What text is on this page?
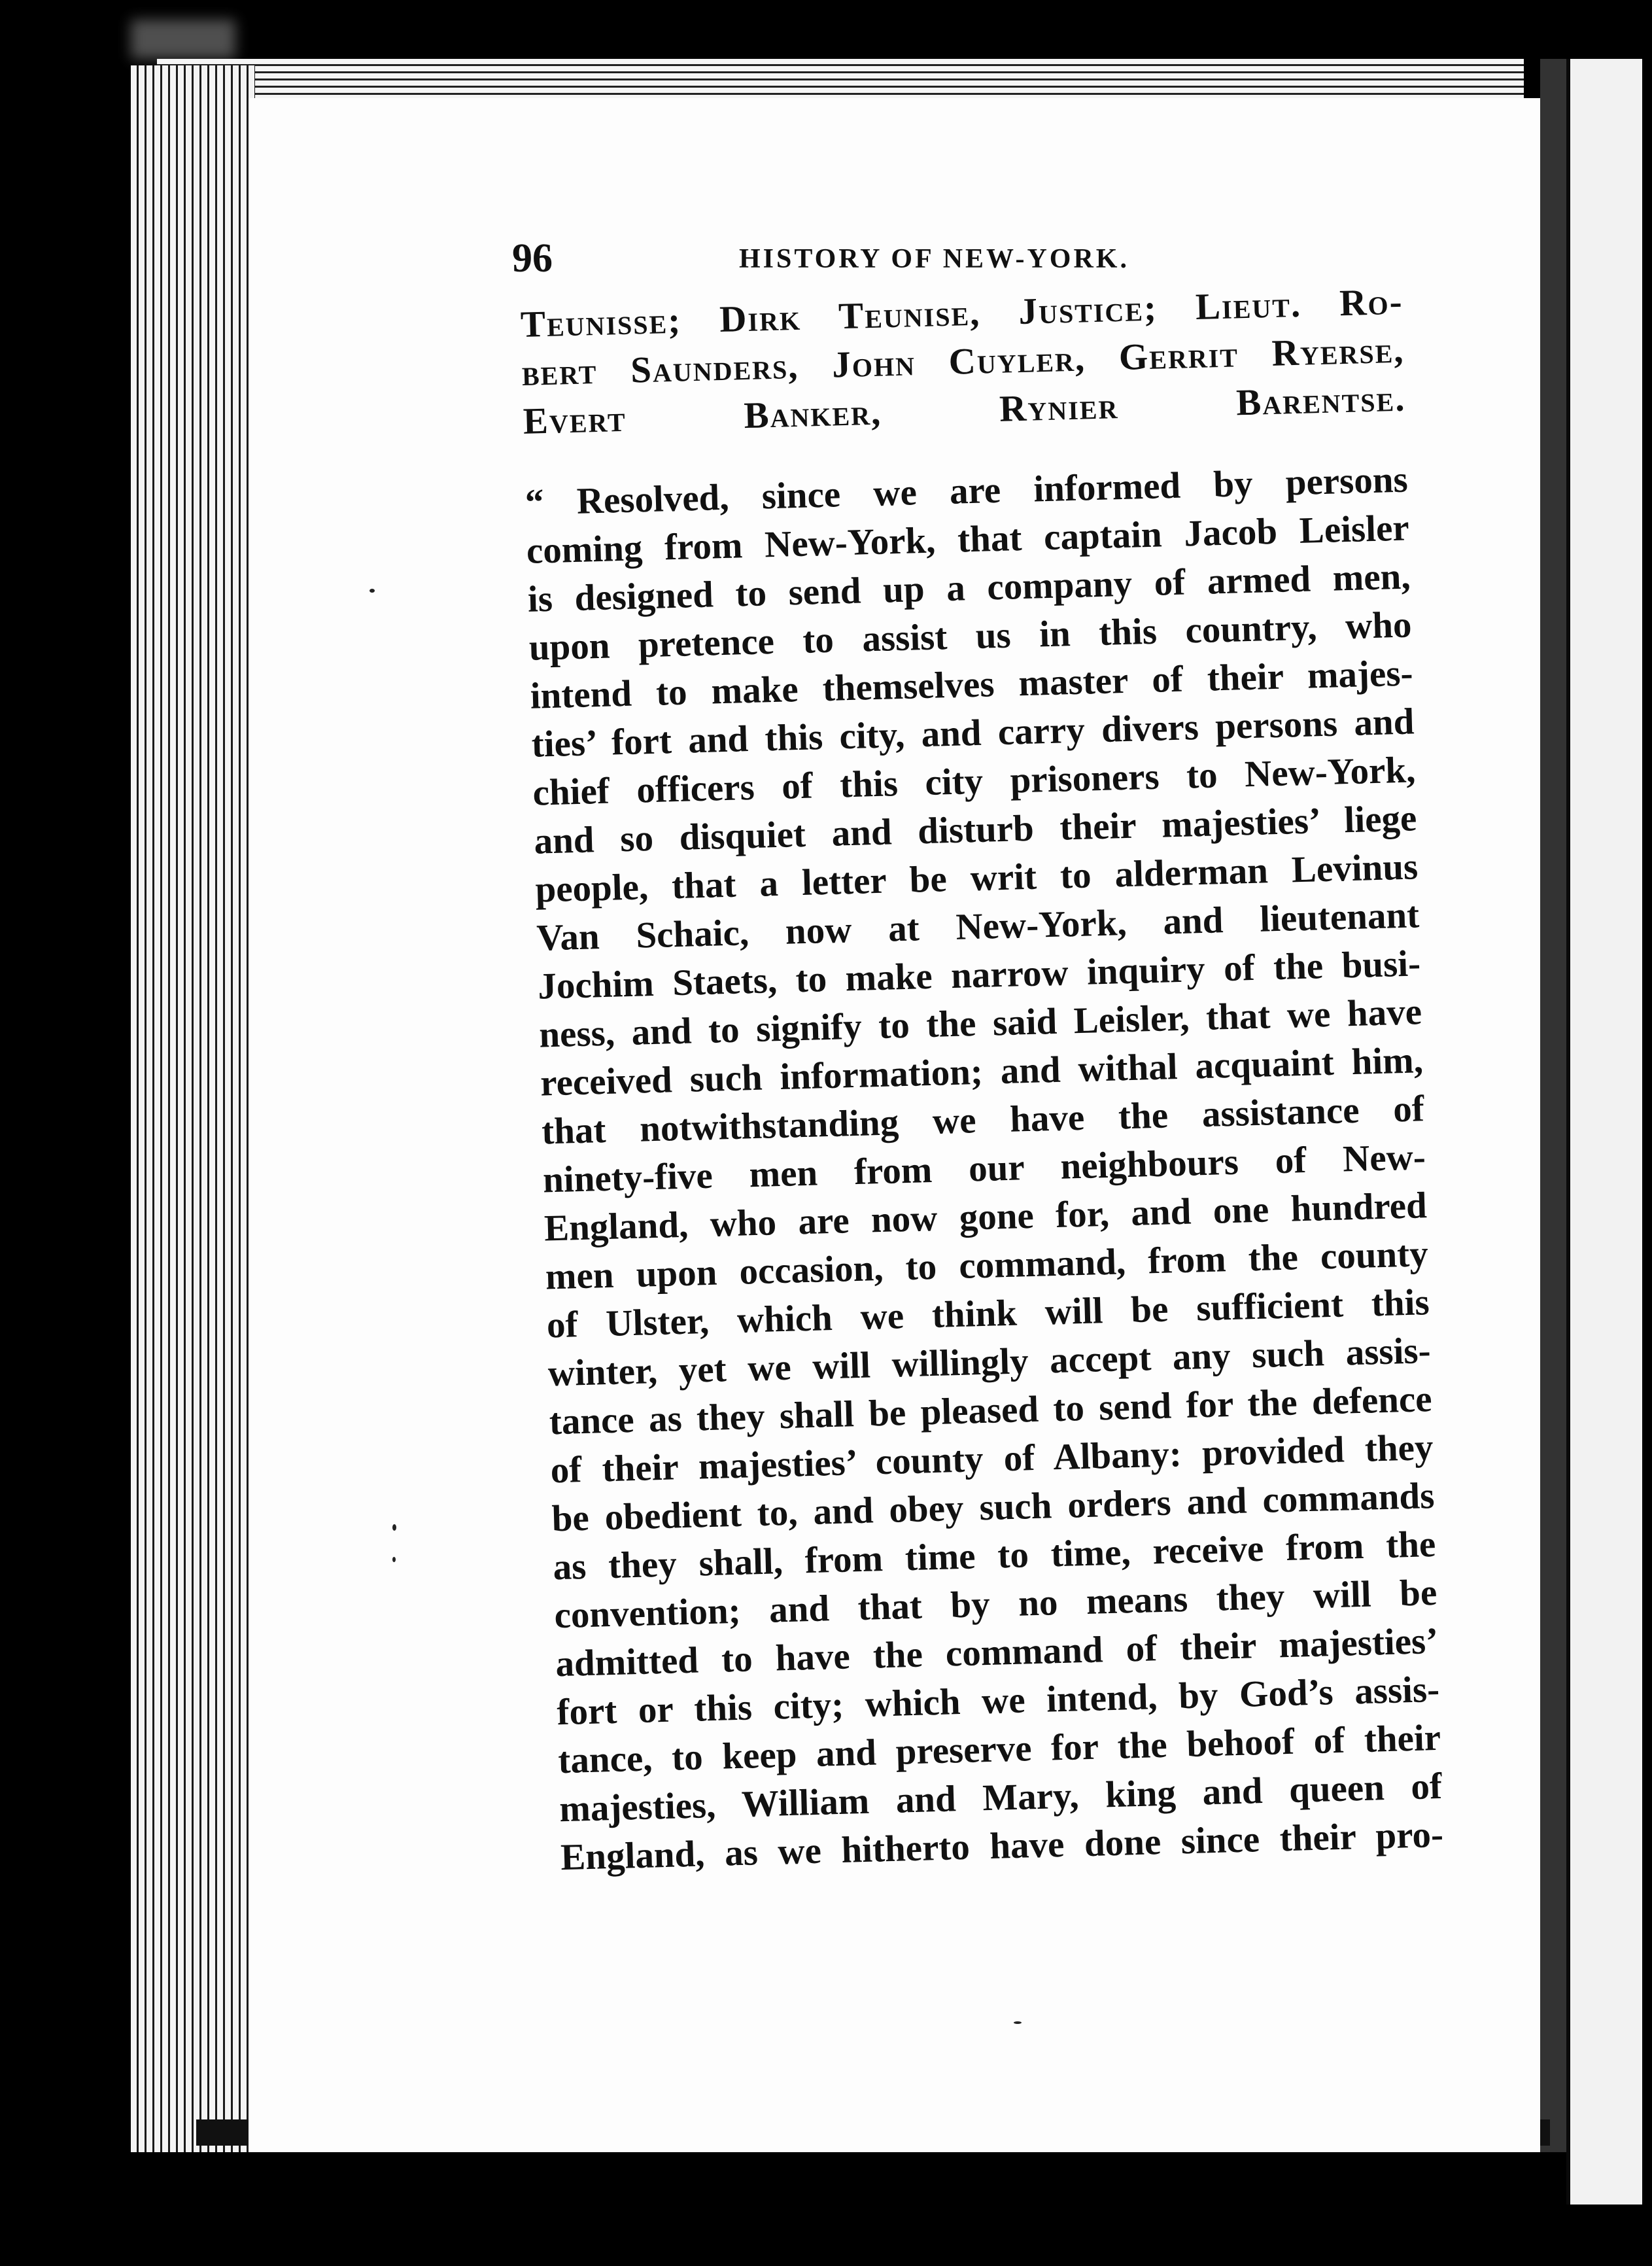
96	HISTORY OF NEW-YORK.
Teunisse; Dirk Teunise, Justice; Lieut. Ro-
bert Saunders, John Cuyler, Gerrit Ryerse,
Evert Banker, Rynier Barentse.
“ Resolved, since we are informed by persons
coming from New-York, that captain Jacob Leisler
is designed to send up a company of armed men,
upon pretence to assist us in this country, who
intend to make themselves master of their majes-
ties’ fort and this city, and carry divers persons and
chief officers of this city prisoners to New-York,
and so disquiet and disturb their majesties’ liege
people, that a letter be writ to alderman Levinus
Van Schaic, now at New-York, and lieutenant
Jochim Staets, to make narrow inquiry of the busi-
ness, and to signify to the said Leisler, that we have
received such information; and withal acquaint him,
that notwithstanding we have the assistance of
ninety-five men from our neighbours of New-
England, who are now gone for, and one hundred
men upon occasion, to command, from the county
of Ulster, which we think will be sufficient this
winter, yet we will willingly accept any such assis-
tance as they shall be pleased to send for the defence
of their majesties’ county of Albany: provided they
be obedient to, and obey such orders and commands
as they shall, from time to time, receive from the
convention; and that by no means they will be
admitted to have the command of their majesties’
fort or this city; which we intend, by God’s assis-
tance, to keep and preserve for the behoof of their
majesties, William and Mary, king and queen of
England, as we hitherto have done since their pro-
